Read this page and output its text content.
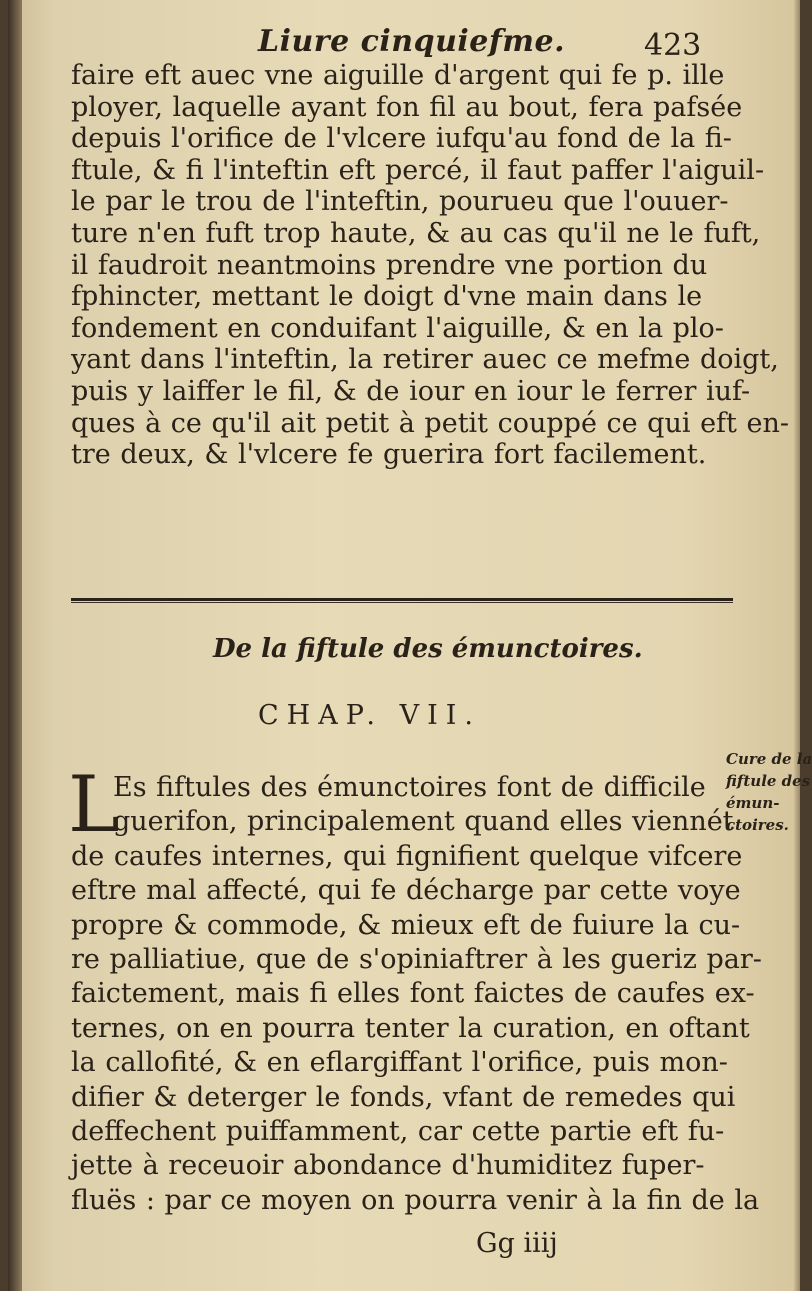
Liure cinquiefme.	423
faire eft auec vne aiguille d'argent qui fe p. ille
ployer, laquelle ayant fon fil au bout, fera pafsée
depuis l'orifice de l'vlcere iufqu'au fond de la fi-
ftule, & fi l'inteftin eft percé, il faut paffer l'aiguil-
le par le trou de l'inteftin, pourueu que l'ouuer-
ture n'en fuft trop haute, & au cas qu'il ne le fuft,
il faudroit neantmoins prendre vne portion du
fphincter, mettant le doigt d'vne main dans le
fondement en conduifant l'aiguille, & en la plo-
yant dans l'inteftin, la retirer auec ce mefme doigt,
puis y laiffer le fil, & de iour en iour le ferrer iuf-
ques à ce qu'il ait petit à petit couppé ce qui eft en-
tre deux, & l'vlcere fe guerira fort facilement.
De la fiftule des émunctoires.
CHAP. VII.
L
Es fiftules des émunctoires font de difficile
guerifon, principalement quand elles viennét
de caufes internes, qui fignifient quelque vifcere
eftre mal affecté, qui fe décharge par cette voye
propre & commode, & mieux eft de fuiure la cu-
re palliatiue, que de s'opiniaftrer à les gueriz par-
faictement, mais fi elles font faictes de caufes ex-
ternes, on en pourra tenter la curation, en oftant
la callofité, & en eflargiffant l'orifice, puis mon-
difier & deterger le fonds, vfant de remedes qui
deffechent puiffamment, car cette partie eft fu-
jette à receuoir abondance d'humiditez fuper-
fluës : par ce moyen on pourra venir à la fin de la
Cure de la
fiftule des
émun-
ctoires.
Gg iiij
